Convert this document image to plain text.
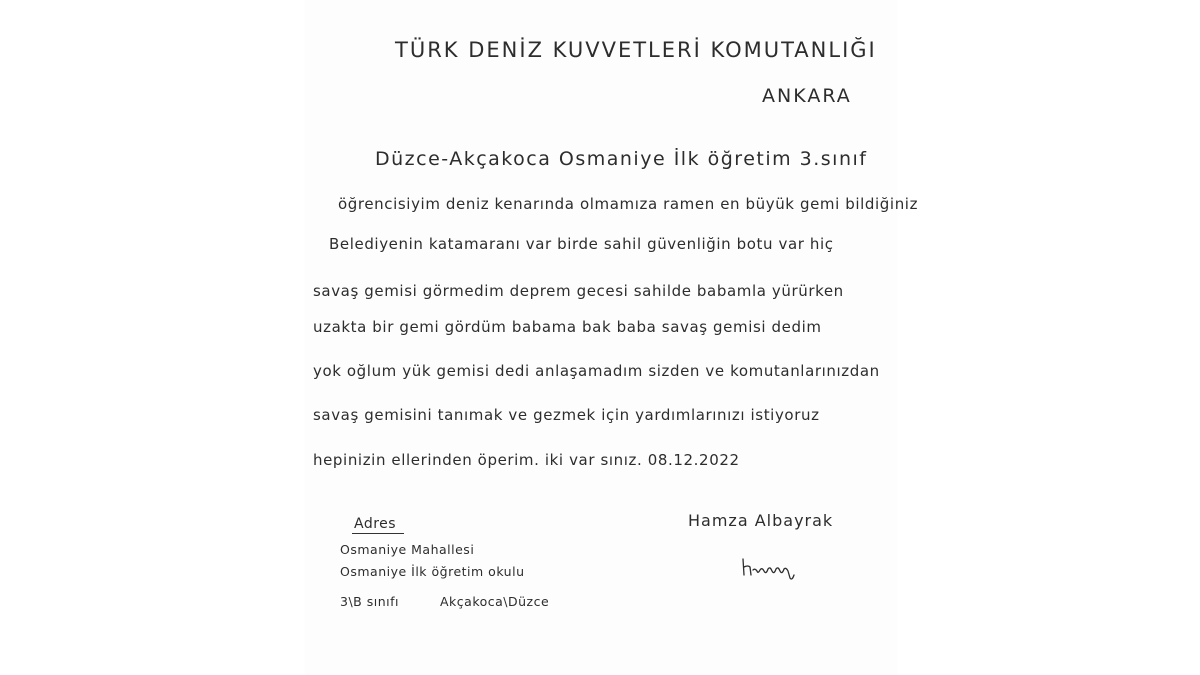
TÜRK DENİZ KUVVETLERİ KOMUTANLIĞI
ANKARA
Düzce-Akçakoca Osmaniye İlk öğretim 3.sınıf
öğrencisiyim deniz kenarında olmamıza ramen en büyük gemi bildiğiniz
Belediyenin katamaranı var birde sahil güvenliğin botu var hiç
savaş gemisi görmedim deprem gecesi sahilde babamla yürürken
uzakta bir gemi gördüm babama bak baba savaş gemisi dedim
yok oğlum yük gemisi dedi anlaşamadım sizden ve komutanlarınızdan
savaş gemisini tanımak ve gezmek için yardımlarınızı istiyoruz
hepinizin ellerinden öperim. iki var sınız. 08.12.2022
Adres
Osmaniye Mahallesi
Osmaniye İlk öğretim okulu
3\B sınıfı	Akçakoca\Düzce
Hamza Albayrak
